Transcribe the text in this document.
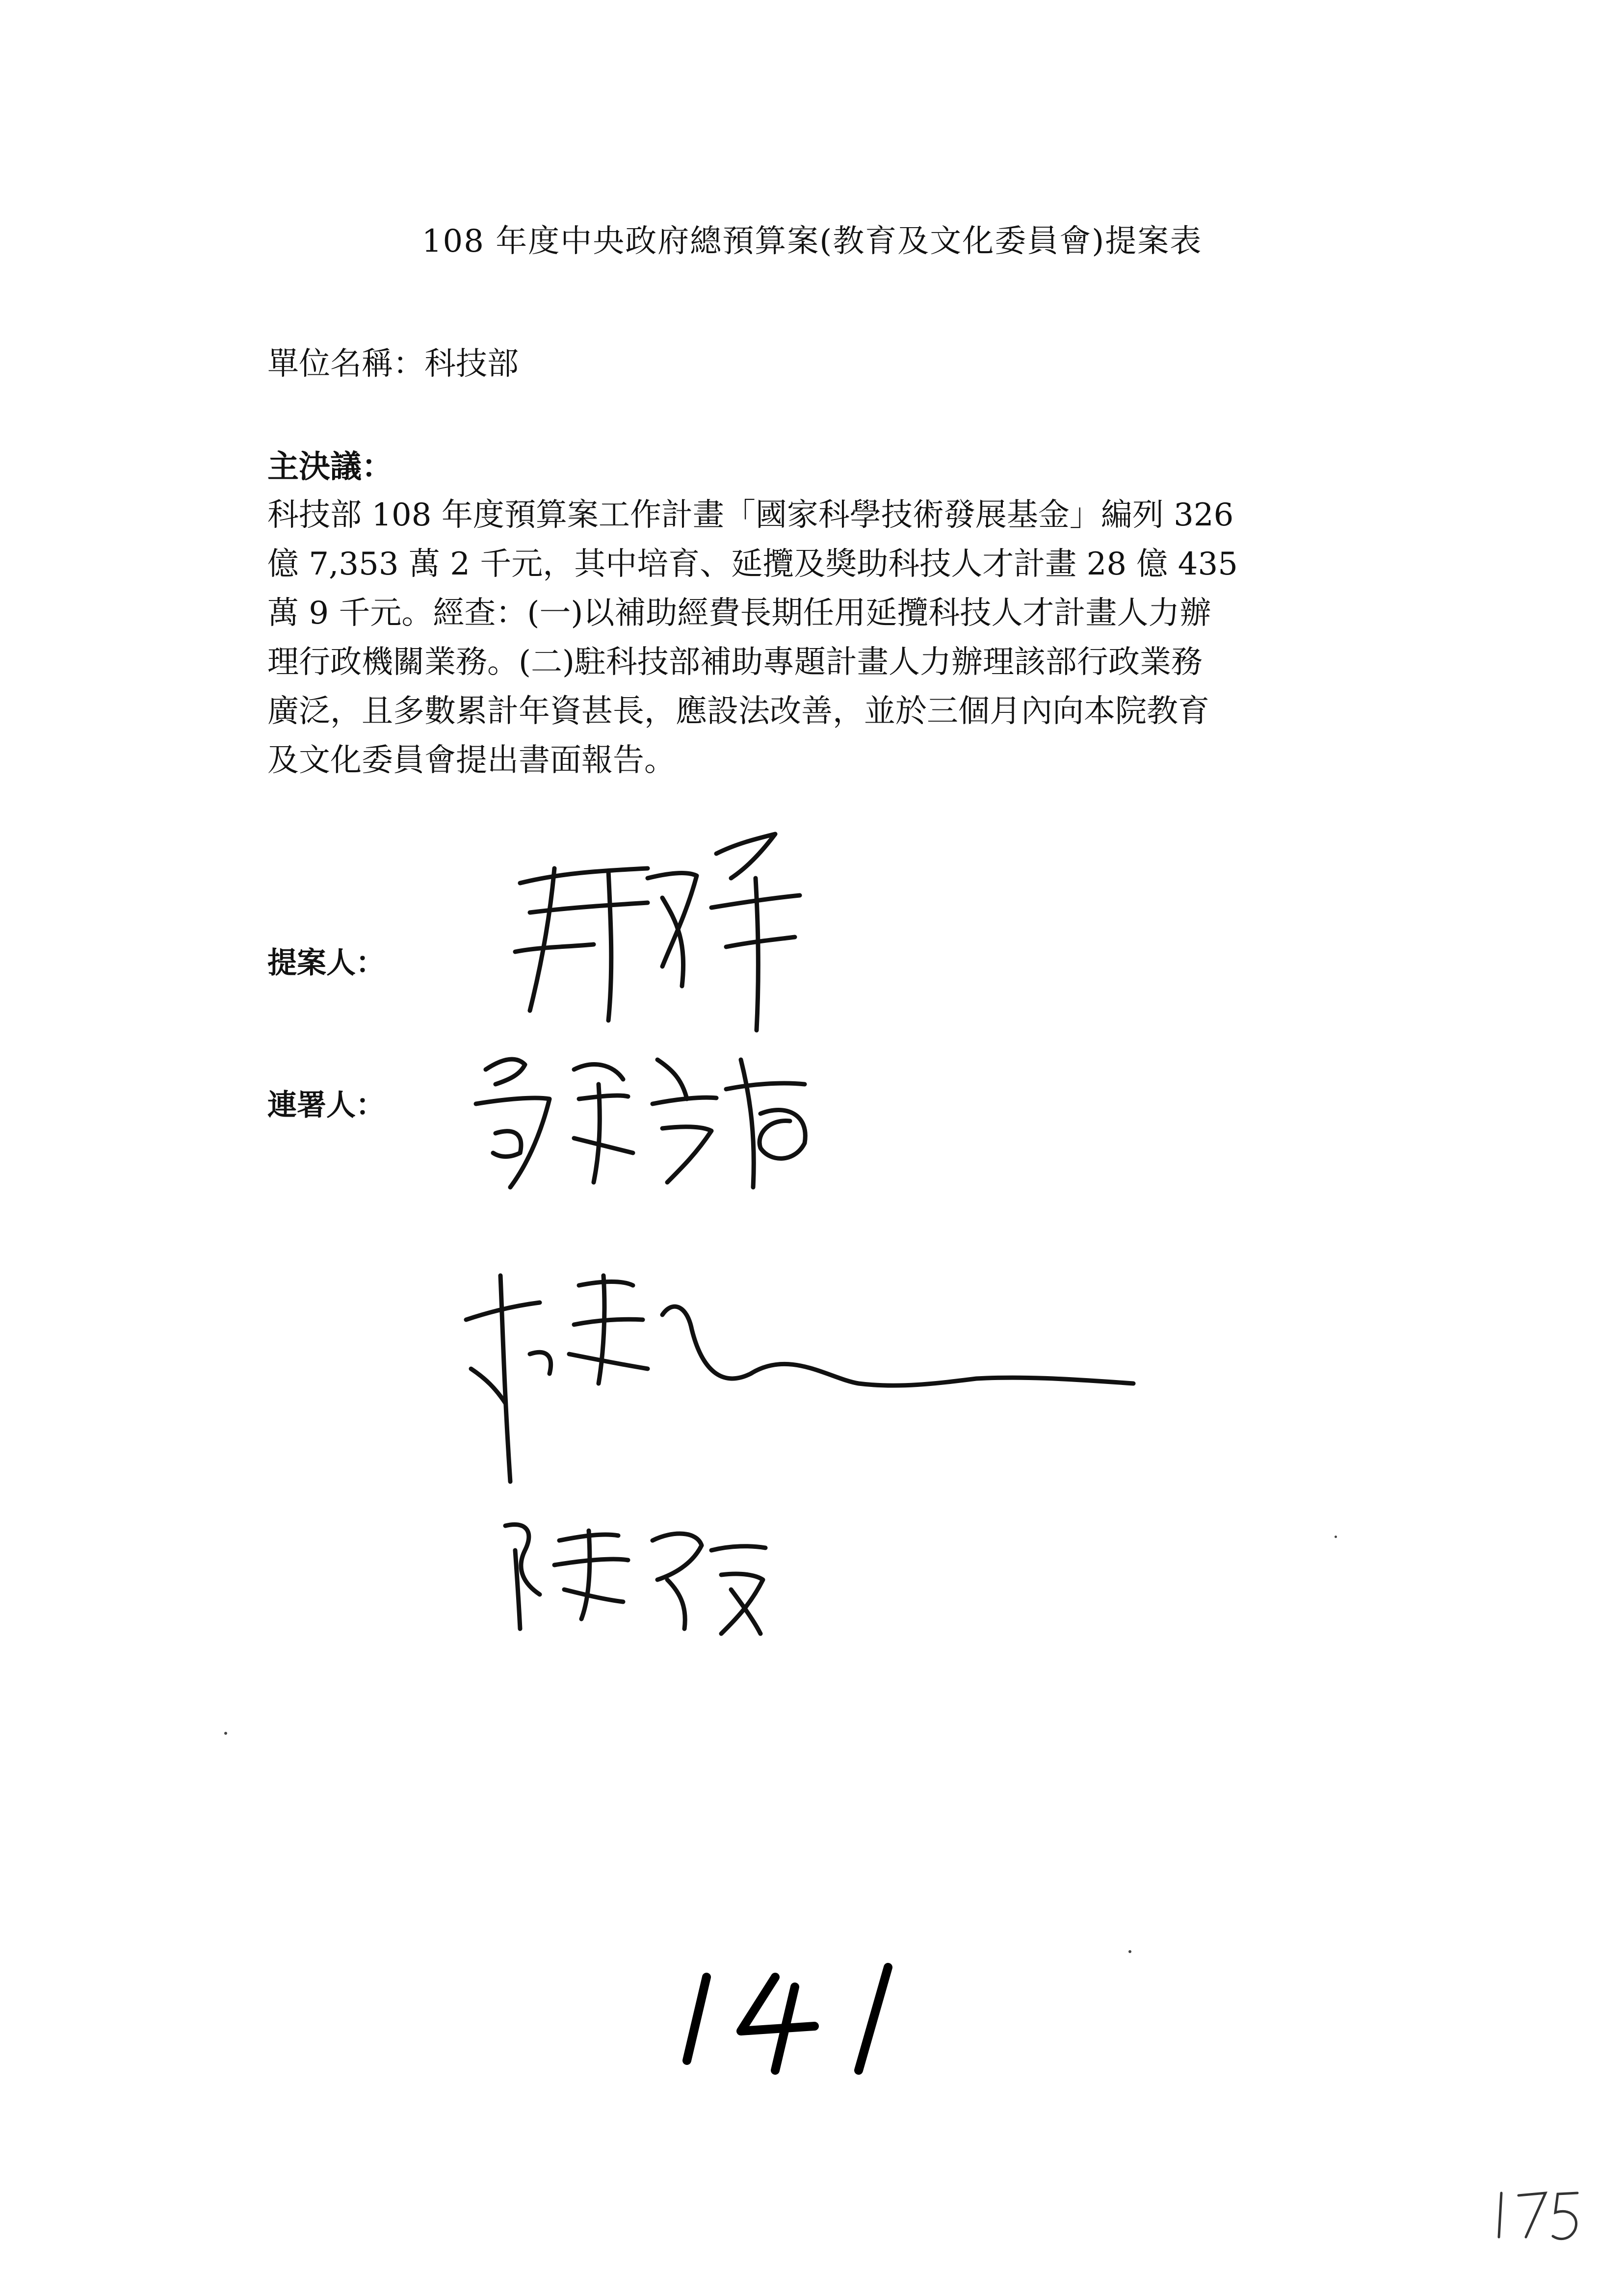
108 年度中央政府總預算案(教育及文化委員會)提案表
單位名稱：科技部
主決議：
科技部 108 年度預算案工作計畫「國家科學技術發展基金」編列 326
億 7,353 萬 2 千元，其中培育、延攬及獎助科技人才計畫 28 億 435
萬 9 千元。經查：(一)以補助經費長期任用延攬科技人才計畫人力辦
理行政機關業務。(二)駐科技部補助專題計畫人力辦理該部行政業務
廣泛，且多數累計年資甚長，應設法改善，並於三個月內向本院教育
及文化委員會提出書面報告。
提案人：
連署人：
